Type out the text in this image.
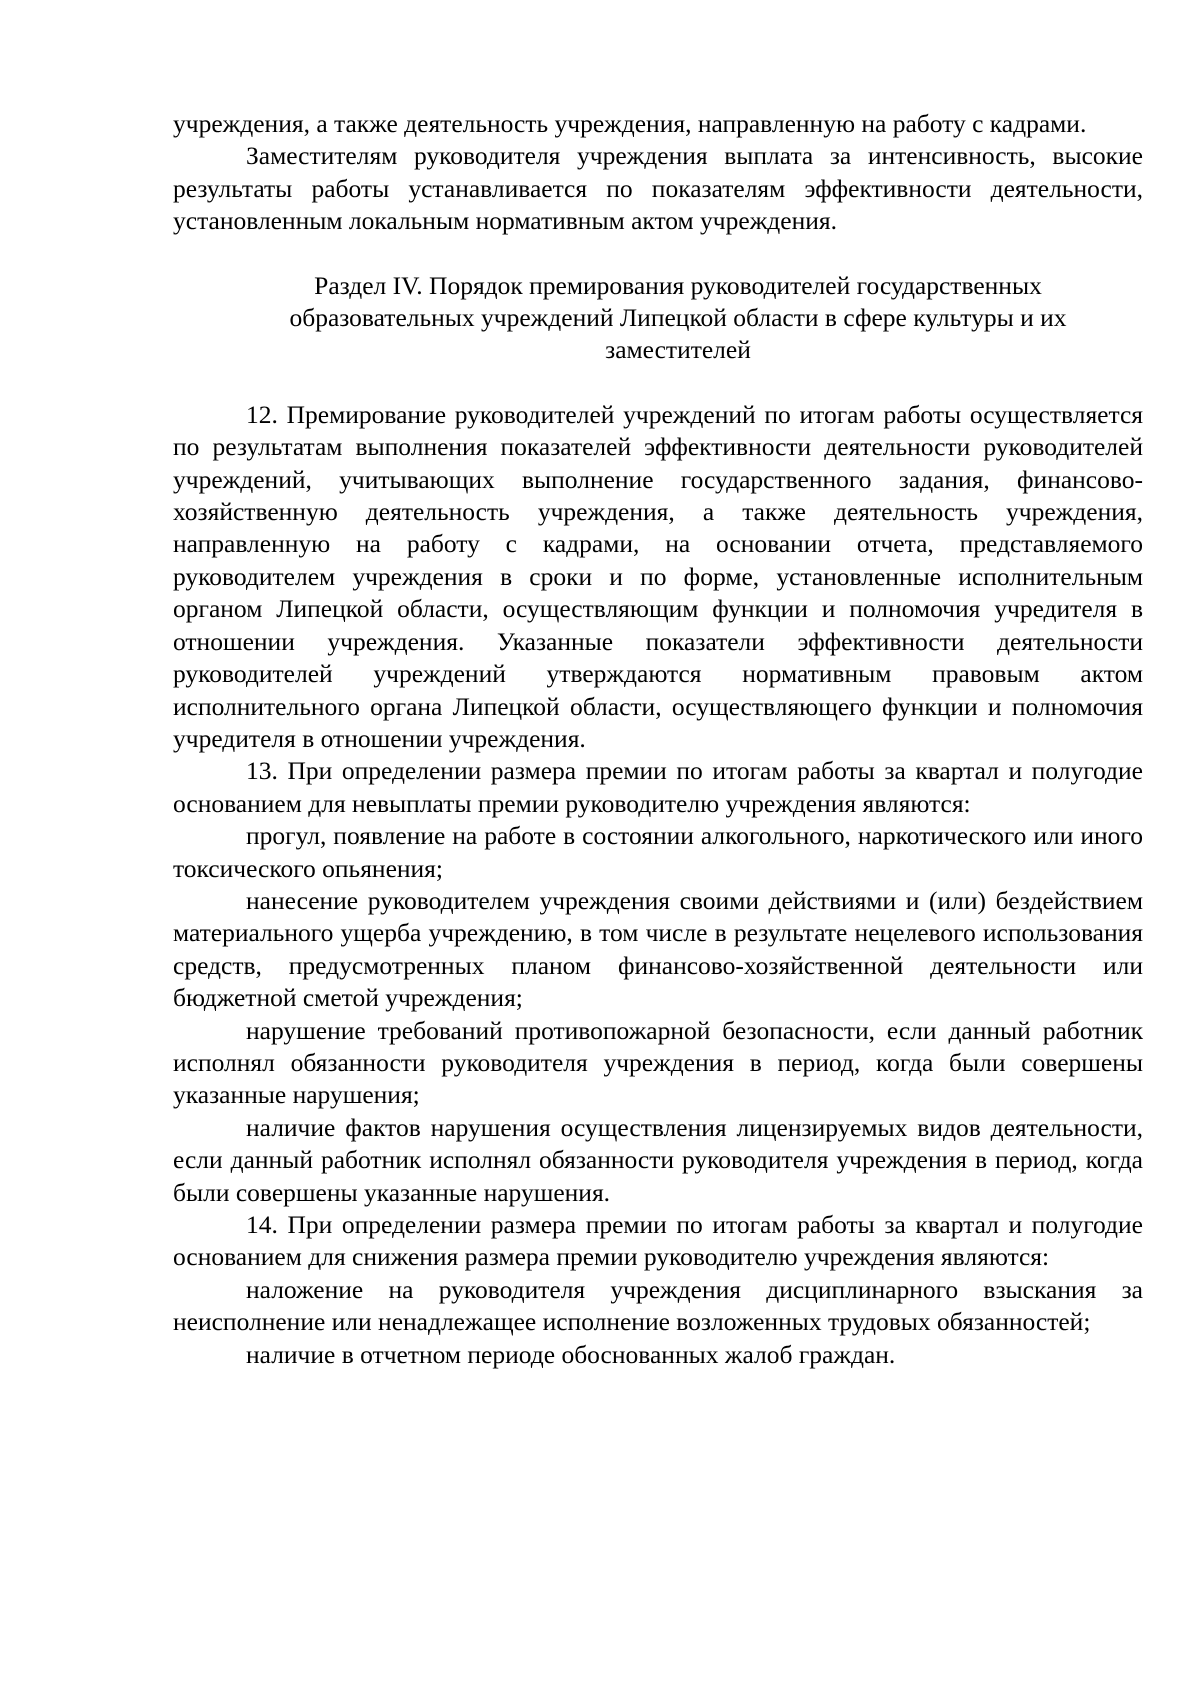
учреждения, а также деятельность учреждения, направленную на работу с кадрами.

Заместителям руководителя учреждения выплата за интенсивность, высокие результаты работы устанавливается по показателям эффективности деятельности, установленным локальным нормативным актом учреждения.

Раздел IV. Порядок премирования руководителей государственных образовательных учреждений Липецкой области в сфере культуры и их заместителей

12. Премирование руководителей учреждений по итогам работы осуществляется по результатам выполнения показателей эффективности деятельности руководителей учреждений, учитывающих выполнение государственного задания, финансово-хозяйственную деятельность учреждения, а также деятельность учреждения, направленную на работу с кадрами, на основании отчета, представляемого руководителем учреждения в сроки и по форме, установленные исполнительным органом Липецкой области, осуществляющим функции и полномочия учредителя в отношении учреждения. Указанные показатели эффективности деятельности руководителей учреждений утверждаются нормативным правовым актом исполнительного органа Липецкой области, осуществляющего функции и полномочия учредителя в отношении учреждения.

13. При определении размера премии по итогам работы за квартал и полугодие основанием для невыплаты премии руководителю учреждения являются:

прогул, появление на работе в состоянии алкогольного, наркотического или иного токсического опьянения;

нанесение руководителем учреждения своими действиями и (или) бездействием материального ущерба учреждению, в том числе в результате нецелевого использования средств, предусмотренных планом финансово-хозяйственной деятельности или бюджетной сметой учреждения;

нарушение требований противопожарной безопасности, если данный работник исполнял обязанности руководителя учреждения в период, когда были совершены указанные нарушения;

наличие фактов нарушения осуществления лицензируемых видов деятельности, если данный работник исполнял обязанности руководителя учреждения в период, когда были совершены указанные нарушения.

14. При определении размера премии по итогам работы за квартал и полугодие основанием для снижения размера премии руководителю учреждения являются:

наложение на руководителя учреждения дисциплинарного взыскания за неисполнение или ненадлежащее исполнение возложенных трудовых обязанностей;

наличие в отчетном периоде обоснованных жалоб граждан.
